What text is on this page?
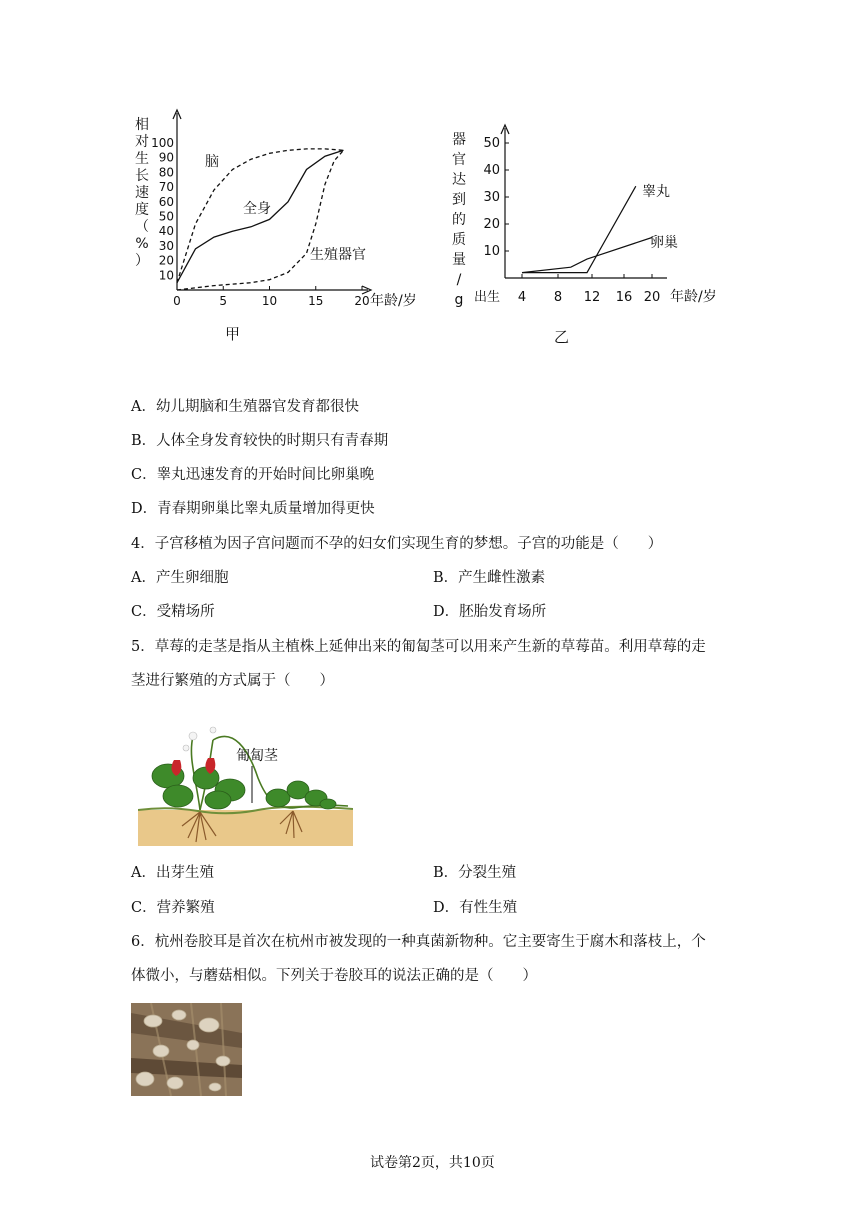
相
对
生
长
速
度
（
%
）
10
20
30
40
50
60
70
80
90
100
0	5	10	15	20
脑
全身
生殖器官
年龄/岁
甲
器
官
达
到
的
质
量
/
g
10
20
30
40
50
出生 4 8 12 16 20
睾丸
卵巢
年龄/岁
乙
A．幼儿期脑和生殖器官发育都很快
B．人体全身发育较快的时期只有青春期
C．睾丸迅速发育的开始时间比卵巢晚
D．青春期卵巢比睾丸质量增加得更快
4．子宫移植为因子宫问题而不孕的妇女们实现生育的梦想。子宫的功能是（　　）
A．产生卵细胞	B．产生雌性激素
C．受精场所	D．胚胎发育场所
5．草莓的走茎是指从主植株上延伸出来的匍匐茎可以用来产生新的草莓苗。利用草莓的走
茎进行繁殖的方式属于（　　）
匍匐茎
A．出芽生殖	B．分裂生殖
C．营养繁殖	D．有性生殖
6．杭州卷胶耳是首次在杭州市被发现的一种真菌新物种。它主要寄生于腐木和落枝上，个
体微小，与蘑菇相似。下列关于卷胶耳的说法正确的是（　　）
试卷第2页，共10页
